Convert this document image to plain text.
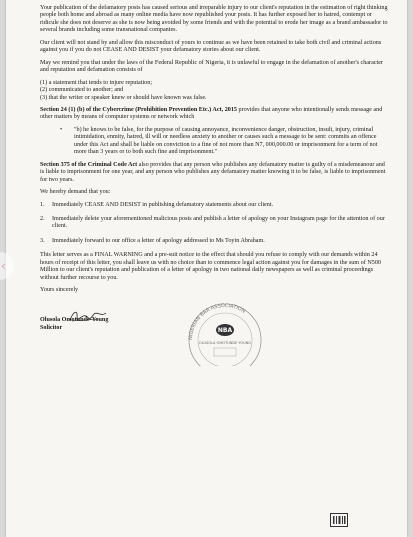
Your publication of the defamatory posts has caused serious and irreparable injury to our client's reputation in the estimation of right thinking people both home and abroad as many online media have now republished your posts. It has further exposed her to hatred, contempt or ridicule she does not deserve as she is now being avoided by some friends and with the potential to erode her image as a brand ambassador to several brands including some transnational companies.

Our client will not stand by and allow this misconduct of yours to continue as we have been retained to take both civil and criminal actions against you if you do not CEASE AND DESIST your defamatory stories about our client.

May we remind you that under the laws of the Federal Republic of Nigeria, it is unlawful to engage in the defamation of another's character and reputation and defamation consists of

(1) a statement that tends to injure reputation;
(2) communicated to another; and
(3) that the writer or speaker knew or should have known was false.

Section 24 (1) (b) of the Cybercrime (Prohibition Prevention Etc.) Act, 2015 provides that anyone who intentionally sends message and other matters by means of computer systems or network which

• "b) he knows to be false, for the purpose of causing annoyance, inconvenience danger, obstruction, insult, injury, criminal intimidation, enmity, hatred, ill will or needless anxiety to another or causes such a message to be sent: commits an offence under this Act and shall be liable on conviction to a fine of not more than N7, 000,000.00 or imprisonment for a term of not more than 3 years or to both such fine and imprisonment."

Section 375 of the Criminal Code Act also provides that any person who publishes any defamatory matter is guilty of a misdemeanour and is liable to imprisonment for one year, and any person who publishes any defamatory matter knowing it to be false, is liable to imprisonment for two years.

We hereby demand that you:

1. Immediately CEASE AND DESIST in publishing defamatory statements about our client.
2. Immediately delete your aforementioned malicious posts and publish a letter of apology on your Instagram page for the attention of our client.
3. Immediately forward to our office a letter of apology addressed to Ms Toyin Abraham.

This letter serves as a FINAL WARNING and a pre-suit notice to the effect that should you refuse to comply with our demands within 24 hours of receipt of this letter, you shall leave us with no choice than to commence legal action against you for damages in the sum of N500 Million to our client's reputation and publication of a letter of apology in two national daily newspapers as well as criminal proceedings without further recourse to you.

Yours sincerely

Olusola Omotunde-Young
Solicitor
NIGERIAN BAR ASSOCIATION
NBA
OLUSOLA OMOTUNDE YOUNG
‹
